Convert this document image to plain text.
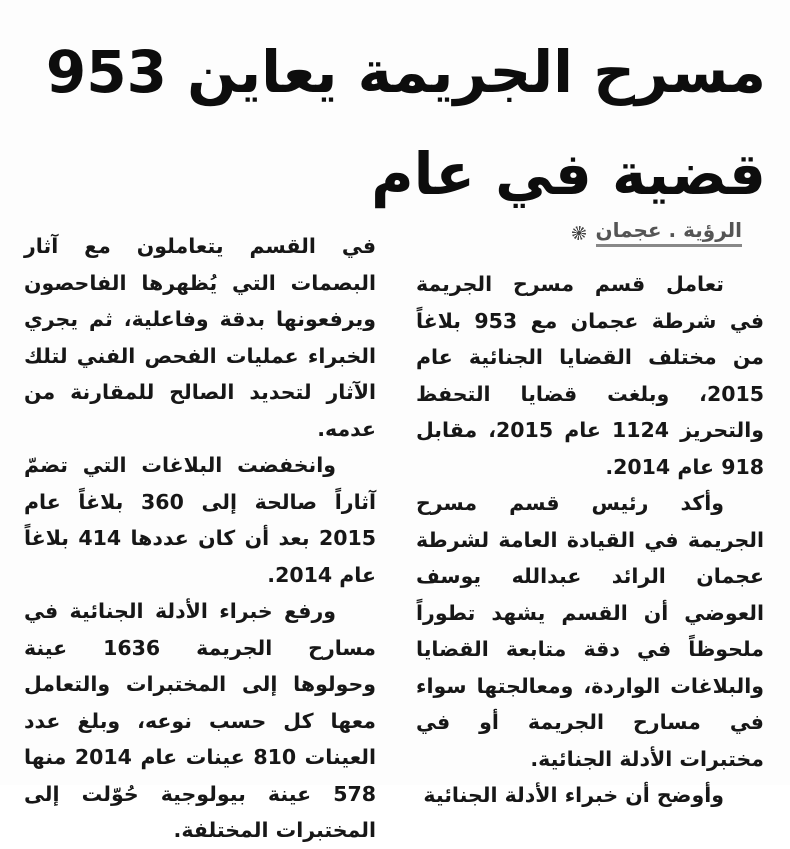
مسرح الجريمة يعاين 953
قضية في عام
الرؤية . عجمان

تعامل قسم مسرح الجريمة في شرطة عجمان مع 953 بلاغاً من مختلف القضايا الجنائية عام 2015، وبلغت قضايا التحفظ والتحريز 1124 عام 2015، مقابل 918 عام 2014.

وأكد رئيس قسم مسرح الجريمة في القيادة العامة لشرطة عجمان الرائد عبدالله يوسف العوضي أن القسم يشهد تطوراً ملحوظاً في دقة متابعة القضايا والبلاغات الواردة، ومعالجتها سواء في مسارح الجريمة أو في مختبرات الأدلة الجنائية.

وأوضح أن خبراء الأدلة الجنائية

في القسم يتعاملون مع آثار البصمات التي يُظهرها الفاحصون ويرفعونها بدقة وفاعلية، ثم يجري الخبراء عمليات الفحص الفني لتلك الآثار لتحديد الصالح للمقارنة من عدمه.

وانخفضت البلاغات التي تضمّ آثاراً صالحة إلى 360 بلاغاً عام 2015 بعد أن كان عددها 414 بلاغاً عام 2014.

ورفع خبراء الأدلة الجنائية في مسارح الجريمة 1636 عينة وحولوها إلى المختبرات والتعامل معها كل حسب نوعه، وبلغ عدد العينات 810 عينات عام 2014 منها 578 عينة بيولوجية حُوّلت إلى المختبرات المختلفة.
